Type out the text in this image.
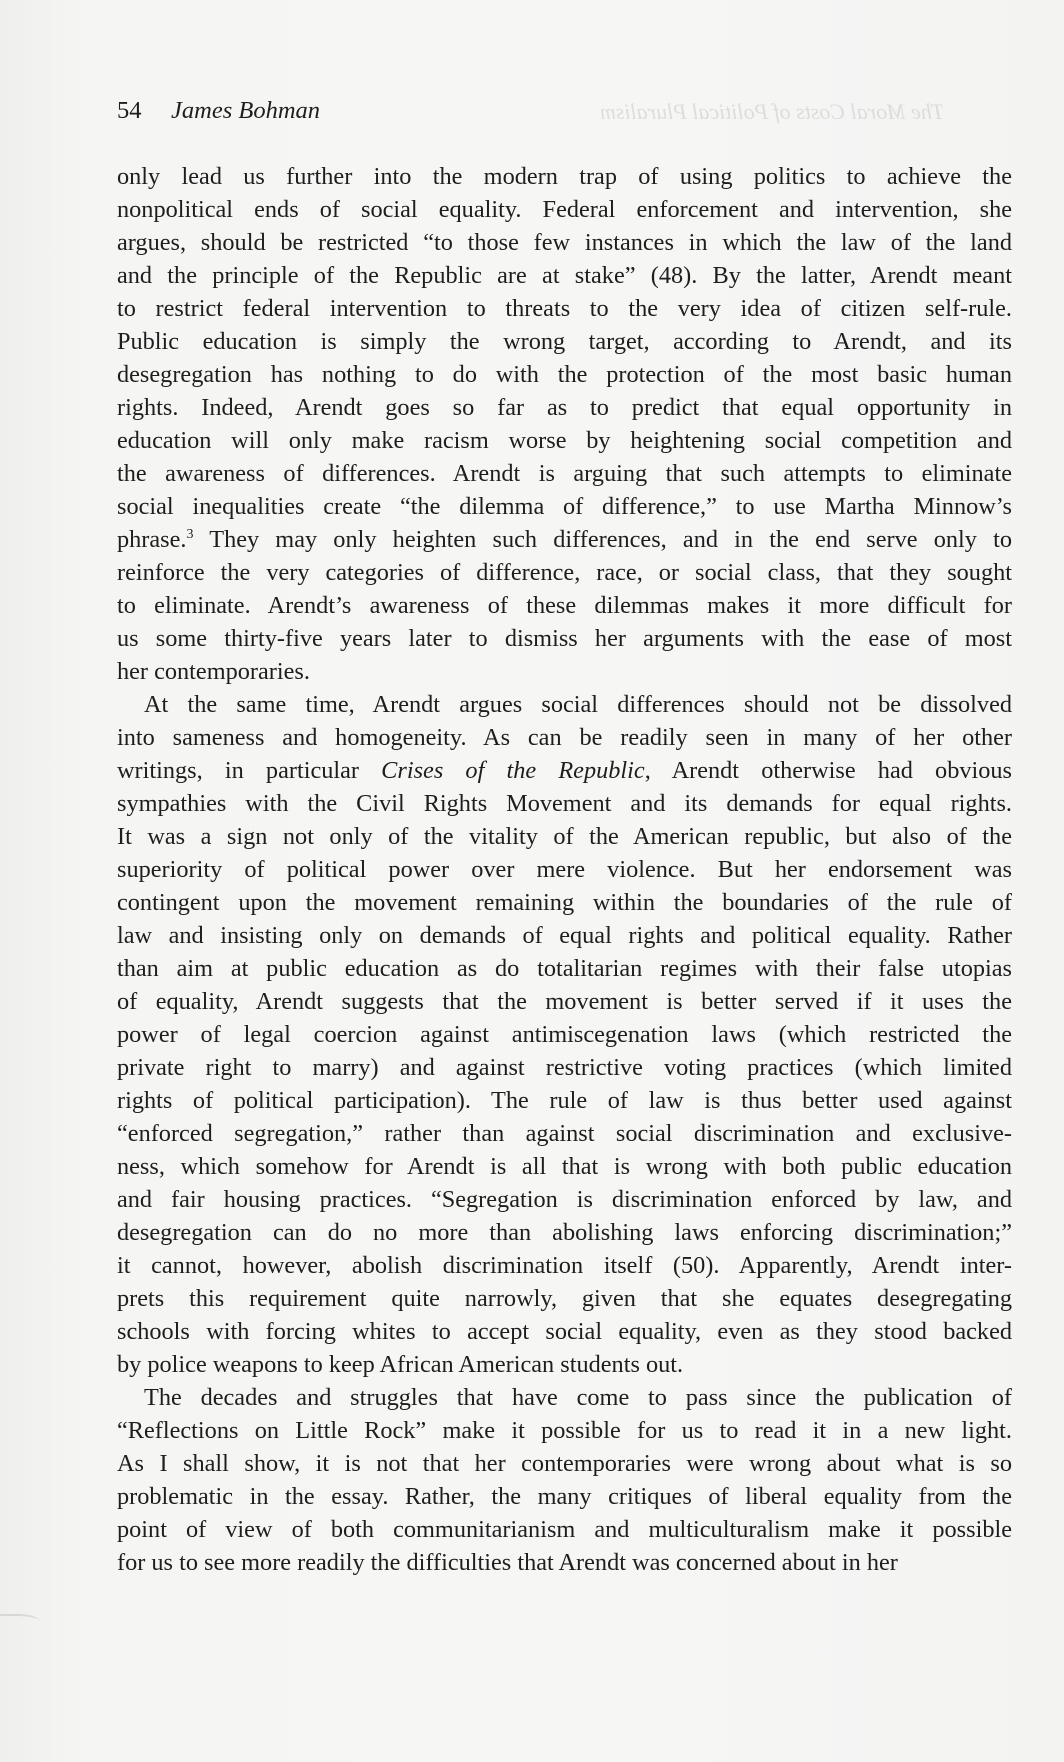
The Moral Costs of Political Pluralism
54 James Bohman
only lead us further into the modern trap of using politics to achieve the
nonpolitical ends of social equality. Federal enforcement and intervention, she
argues, should be restricted “to those few instances in which the law of the land
and the principle of the Republic are at stake” (48). By the latter, Arendt meant
to restrict federal intervention to threats to the very idea of citizen self-rule.
Public education is simply the wrong target, according to Arendt, and its
desegregation has nothing to do with the protection of the most basic human
rights. Indeed, Arendt goes so far as to predict that equal opportunity in
education will only make racism worse by heightening social competition and
the awareness of differences. Arendt is arguing that such attempts to eliminate
social inequalities create “the dilemma of difference,” to use Martha Minnow’s
phrase.$^3$ They may only heighten such differences, and in the end serve only to
reinforce the very categories of difference, race, or social class, that they sought
to eliminate. Arendt’s awareness of these dilemmas makes it more difficult for
us some thirty-five years later to dismiss her arguments with the ease of most
her contemporaries.
At the same time, Arendt argues social differences should not be dissolved
into sameness and homogeneity. As can be readily seen in many of her other
writings, in particular Crises of the Republic, Arendt otherwise had obvious
sympathies with the Civil Rights Movement and its demands for equal rights.
It was a sign not only of the vitality of the American republic, but also of the
superiority of political power over mere violence. But her endorsement was
contingent upon the movement remaining within the boundaries of the rule of
law and insisting only on demands of equal rights and political equality. Rather
than aim at public education as do totalitarian regimes with their false utopias
of equality, Arendt suggests that the movement is better served if it uses the
power of legal coercion against antimiscegenation laws (which restricted the
private right to marry) and against restrictive voting practices (which limited
rights of political participation). The rule of law is thus better used against
“enforced segregation,” rather than against social discrimination and exclusive-
ness, which somehow for Arendt is all that is wrong with both public education
and fair housing practices. “Segregation is discrimination enforced by law, and
desegregation can do no more than abolishing laws enforcing discrimination;”
it cannot, however, abolish discrimination itself (50). Apparently, Arendt inter-
prets this requirement quite narrowly, given that she equates desegregating
schools with forcing whites to accept social equality, even as they stood backed
by police weapons to keep African American students out.
The decades and struggles that have come to pass since the publication of
“Reflections on Little Rock” make it possible for us to read it in a new light.
As I shall show, it is not that her contemporaries were wrong about what is so
problematic in the essay. Rather, the many critiques of liberal equality from the
point of view of both communitarianism and multiculturalism make it possible
for us to see more readily the difficulties that Arendt was concerned about in her
